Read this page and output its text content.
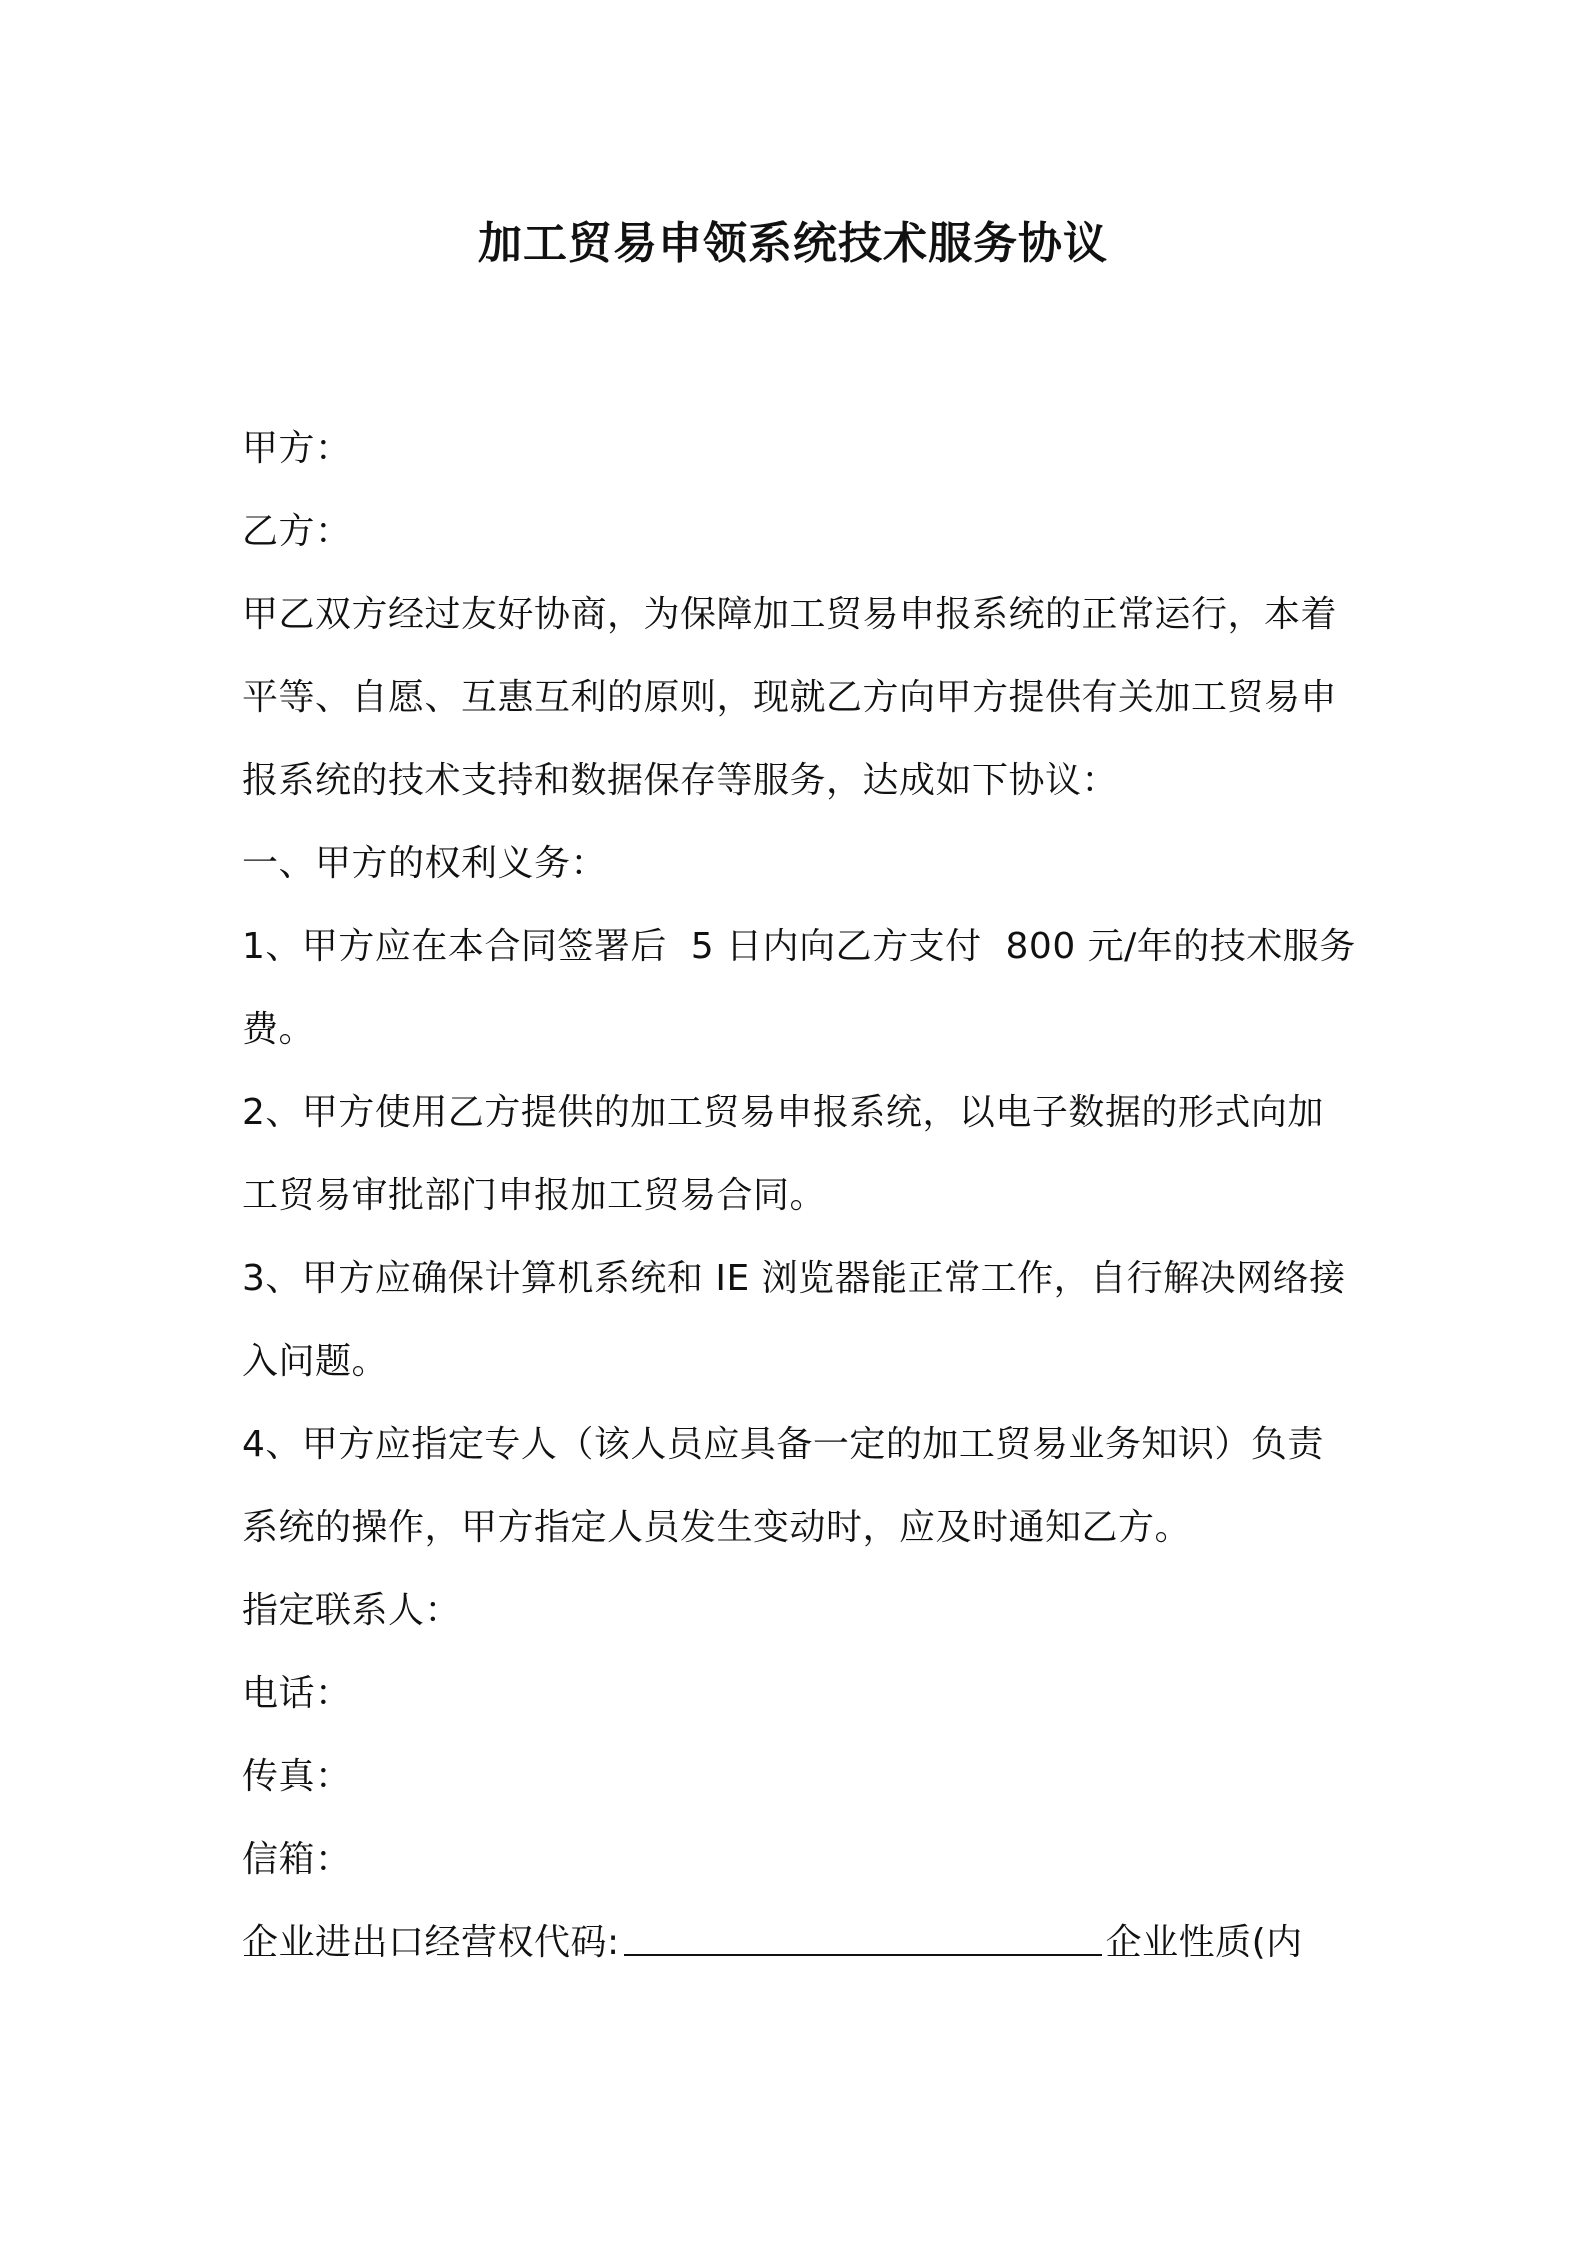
加工贸易申领系统技术服务协议

甲方：

乙方：

甲乙双方经过友好协商，为保障加工贸易申报系统的正常运行，本着

平等、自愿、互惠互利的原则，现就乙方向甲方提供有关加工贸易申

报系统的技术支持和数据保存等服务，达成如下协议：

一、甲方的权利义务：

1、甲方应在本合同签署后  5 日内向乙方支付  800 元/年的技术服务

费。

2、甲方使用乙方提供的加工贸易申报系统，以电子数据的形式向加

工贸易审批部门申报加工贸易合同。

3、甲方应确保计算机系统和 IE 浏览器能正常工作，自行解决网络接

入问题。

4、甲方应指定专人（该人员应具备一定的加工贸易业务知识）负责

系统的操作，甲方指定人员发生变动时，应及时通知乙方。

指定联系人：

电话：

传真：

信箱：

企业进出口经营权代码:	企业性质(内
